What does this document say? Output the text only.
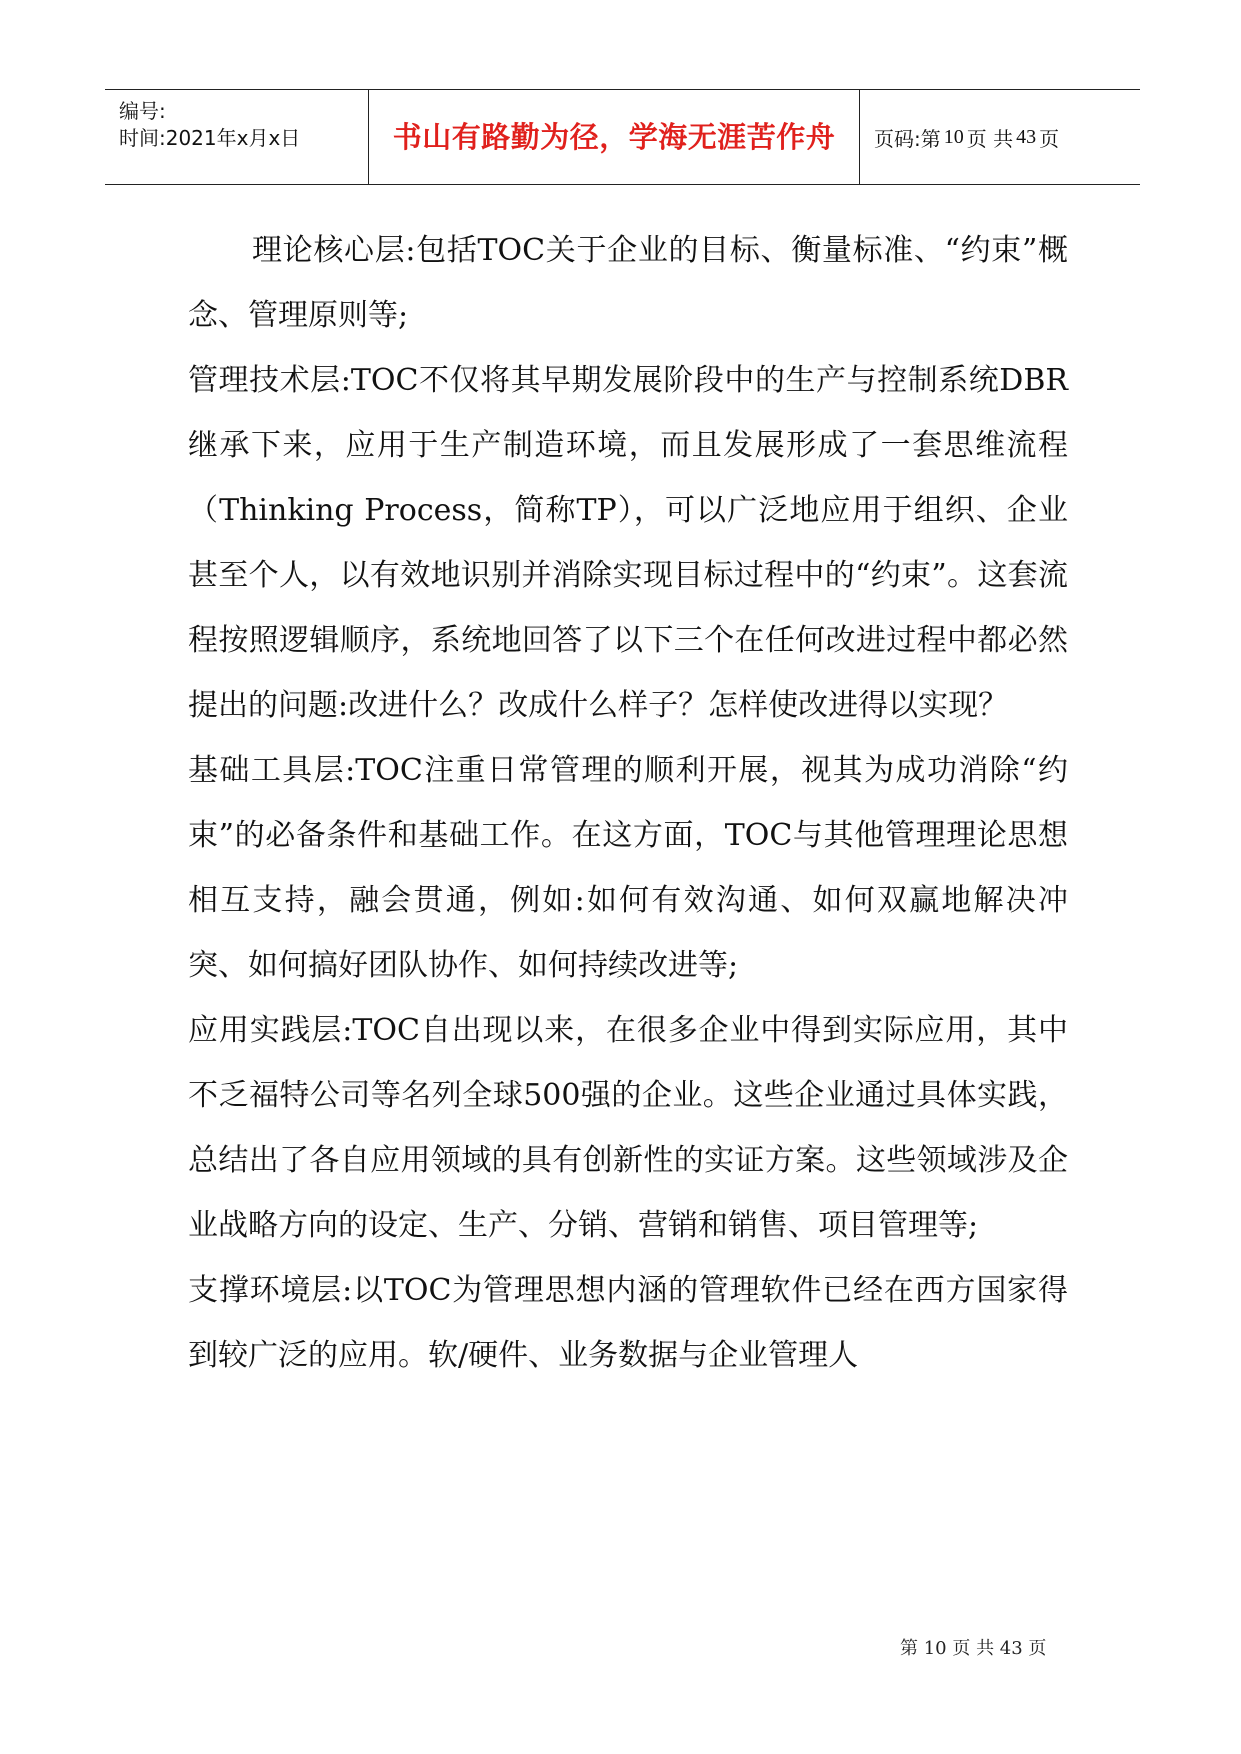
编号:
时间:2021年x月x日	书山有路勤为径，学海无涯苦作舟 页码:第 10 页 共 43 页

理论核心层:包括TOC关于企业的目标、衡量标准、“约束”概念、管理原则等;

管理技术层:TOC不仅将其早期发展阶段中的生产与控制系统DBR继承下来，应用于生产制造环境，而且发展形成了一套思维流程（Thinking Process，简称TP），可以广泛地应用于组织、企业甚至个人，以有效地识别并消除实现目标过程中的“约束”。这套流程按照逻辑顺序，系统地回答了以下三个在任何改进过程中都必然提出的问题:改进什么？改成什么样子？怎样使改进得以实现？

基础工具层:TOC注重日常管理的顺利开展，视其为成功消除“约束”的必备条件和基础工作。在这方面，TOC与其他管理理论思想相互支持，融会贯通，例如:如何有效沟通、如何双赢地解决冲突、如何搞好团队协作、如何持续改进等;

应用实践层:TOC自出现以来，在很多企业中得到实际应用，其中不乏福特公司等名列全球500强的企业。这些企业通过具体实践，总结出了各自应用领域的具有创新性的实证方案。这些领域涉及企业战略方向的设定、生产、分销、营销和销售、项目管理等;

支撑环境层:以TOC为管理思想内涵的管理软件已经在西方国家得到较广泛的应用。软/硬件、业务数据与企业管理人

第 10 页 共 43 页
